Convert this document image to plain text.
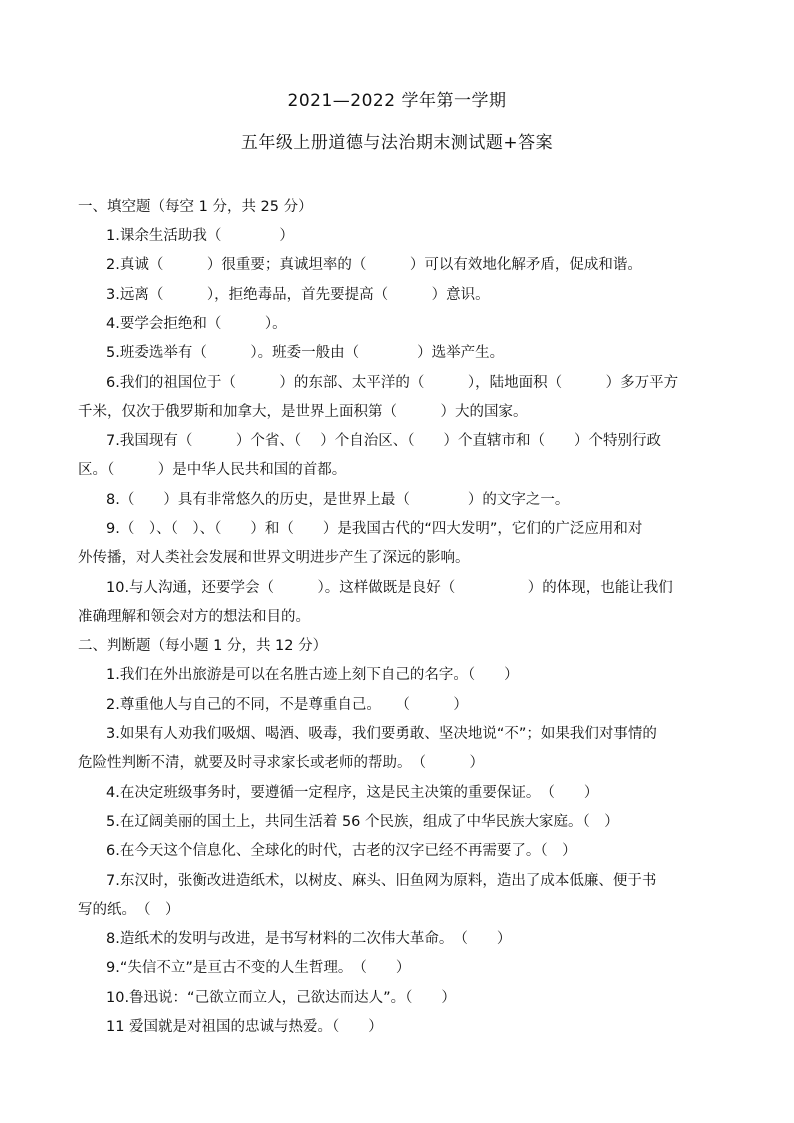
2021—2022 学年第一学期
五年级上册道德与法治期末测试题+答案
一、填空题（每空 1 分，共 25 分）
1.课余生活助我（　　　　）
2.真诚（　　　）很重要；真诚坦率的（　　　）可以有效地化解矛盾，促成和谐。
3.远离（　　　），拒绝毒品，首先要提高（　　　）意识。
4.要学会拒绝和（　　　）。
5.班委选举有（　　　）。班委一般由（　　　　）选举产生。
6.我们的祖国位于（　　　）的东部、太平洋的（　　　），陆地面积（　　　）多万平方
千米，仅次于俄罗斯和加拿大，是世界上面积第（　　　）大的国家。
7.我国现有（　　　）个省、（　 ）个自治区、（　　）个直辖市和（　　）个特别行政
区。（　　　）是中华人民共和国的首都。
8.（　　）具有非常悠久的历史，是世界上最（　　　　）的文字之一。
9.（　）、（　）、（　　）和（　　）是我国古代的“四大发明”，它们的广泛应用和对
外传播，对人类社会发展和世界文明进步产生了深远的影响。
10.与人沟通，还要学会（　　　）。这样做既是良好（　　　　　）的体现，也能让我们
准确理解和领会对方的想法和目的。
二、判断题（每小题 1 分，共 12 分）
1.我们在外出旅游是可以在名胜古迹上刻下自己的名字。（　　）
2.尊重他人与自己的不同，不是尊重自己。　　（　　　）
3.如果有人劝我们吸烟、喝酒、吸毒，我们要勇敢、坚决地说“不”；如果我们对事情的
危险性判断不清，就要及时寻求家长或老师的帮助。　（　　　）
4.在决定班级事务时，要遵循一定程序，这是民主决策的重要保证。　（　　）
5.在辽阔美丽的国土上，共同生活着 56 个民族，组成了中华民族大家庭。（　）
6.在今天这个信息化、全球化的时代，古老的汉字已经不再需要了。（　）
7.东汉时，张衡改进造纸术，以树皮、麻头、旧鱼网为原料，造出了成本低廉、便于书
写的纸。　（　）
8.造纸术的发明与改进，是书写材料的二次伟大革命。　（　　）
9.“失信不立”是亘古不变的人生哲理。　（　　）
10.鲁迅说：“己欲立而立人，己欲达而达人”。（　　）
11 爱国就是对祖国的忠诚与热爱。（　　）
